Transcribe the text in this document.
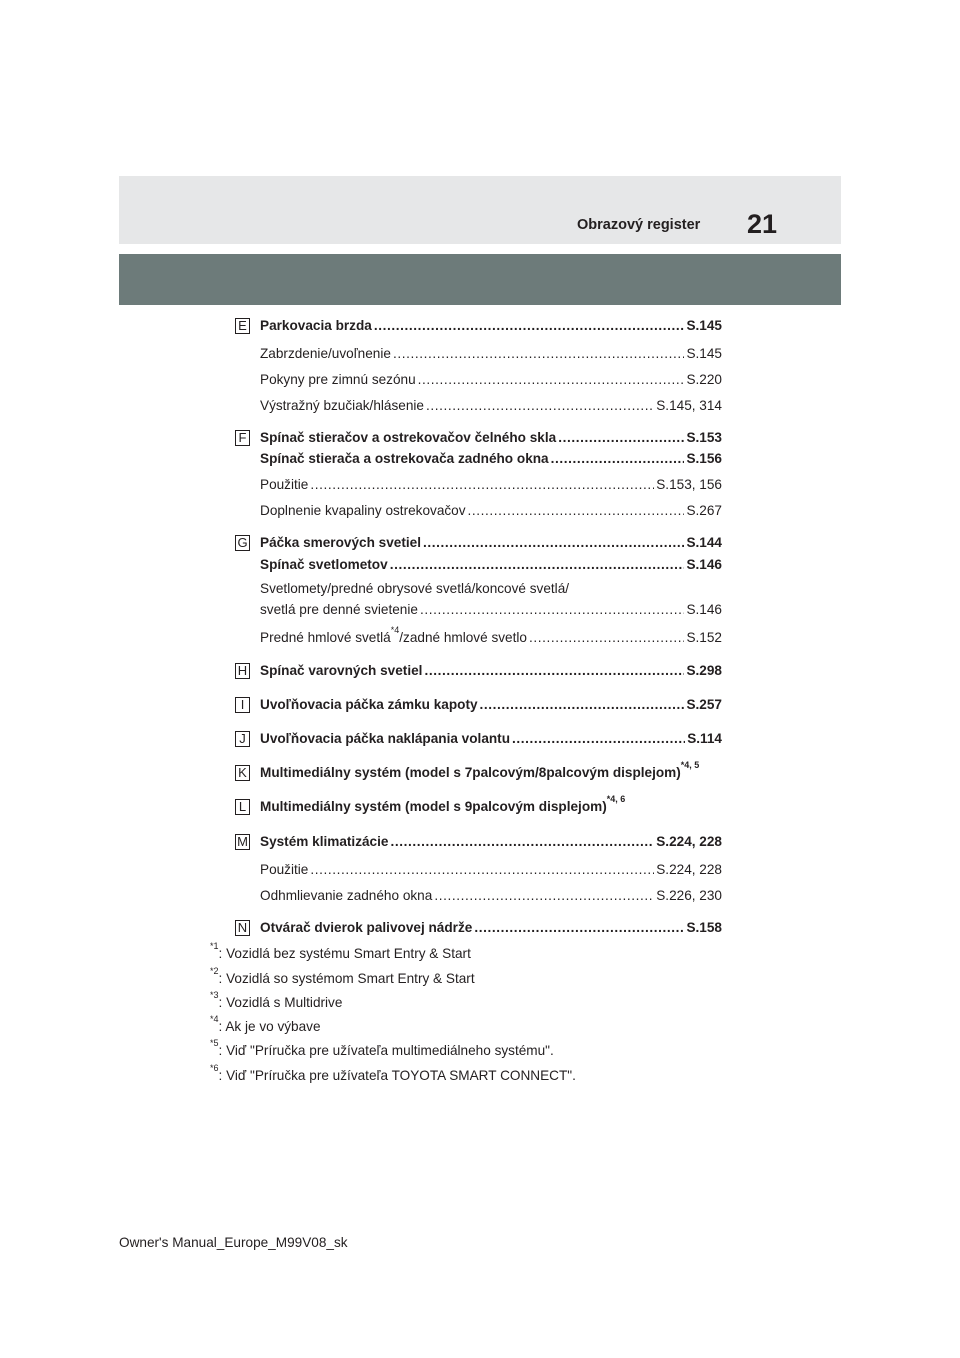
Obrazový register 21
E Parkovacia brzda .....	S.145
Zabrzdenie/uvoľnenie .....	S.145
Pokyny pre zimnú sezónu .....	S.220
Výstražný bzučiak/hlásenie .....	S.145, 314
F Spínač stieračov a ostrekovačov čelného skla .....	S.153
Spínač stierača a ostrekovača zadného okna .....	S.156
Použitie .....	S.153, 156
Doplnenie kvapaliny ostrekovačov .....	S.267
G Páčka smerových svetiel .....	S.144
Spínač svetlometov .....	S.146
Svetlomety/predné obrysové svetlá/koncové svetlá/
svetlá pre denné svietenie .....	S.146
Predné hmlové svetlá$^{*4}$/zadné hmlové svetlo .....	S.152
H Spínač varovných svetiel .....	S.298
I	Uvoľňovacia páčka zámku kapoty .....	S.257
J	Uvoľňovacia páčka naklápania volantu .....	S.114
K Multimediálny systém (model s 7palcovým/8palcovým displejom)$^{*4, 5}$
L Multimediálny systém (model s 9palcovým displejom)$^{*4, 6}$
M Systém klimatizácie .....	S.224, 228
Použitie .....	S.224, 228
Odhmlievanie zadného okna .....	S.226, 230
N Otvárač dvierok palivovej nádrže .....	S.158
$^{*1}$: Vozidlá bez systému Smart Entry & Start
$^{*2}$: Vozidlá so systémom Smart Entry & Start
$^{*3}$: Vozidlá s Multidrive
$^{*4}$: Ak je vo výbave
$^{*5}$: Viď "Príručka pre užívateľa multimediálneho systému".
$^{*6}$: Viď "Príručka pre užívateľa TOYOTA SMART CONNECT".
Owner's Manual_Europe_M99V08_sk
